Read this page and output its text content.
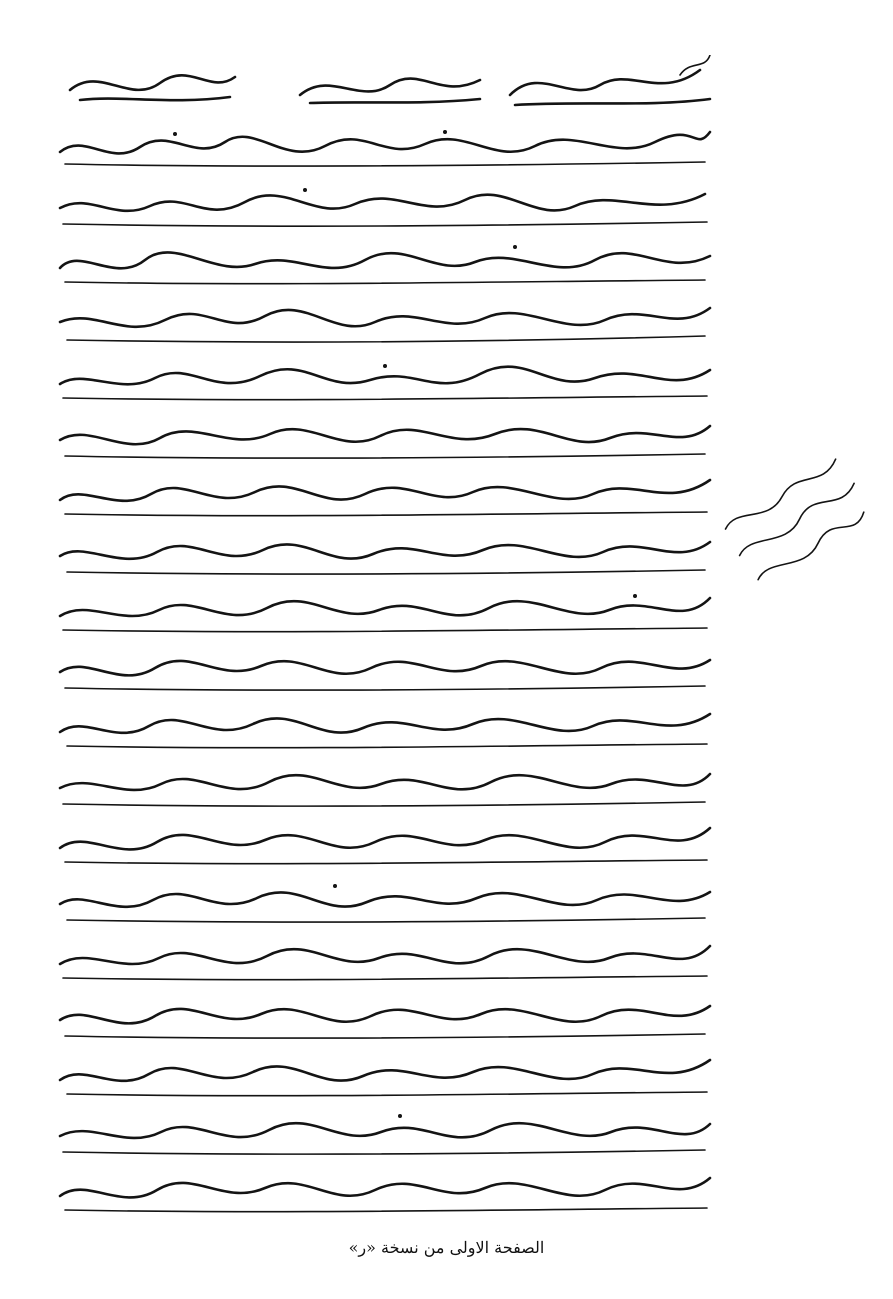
الصفحة الاولى من نسخة «ر»
